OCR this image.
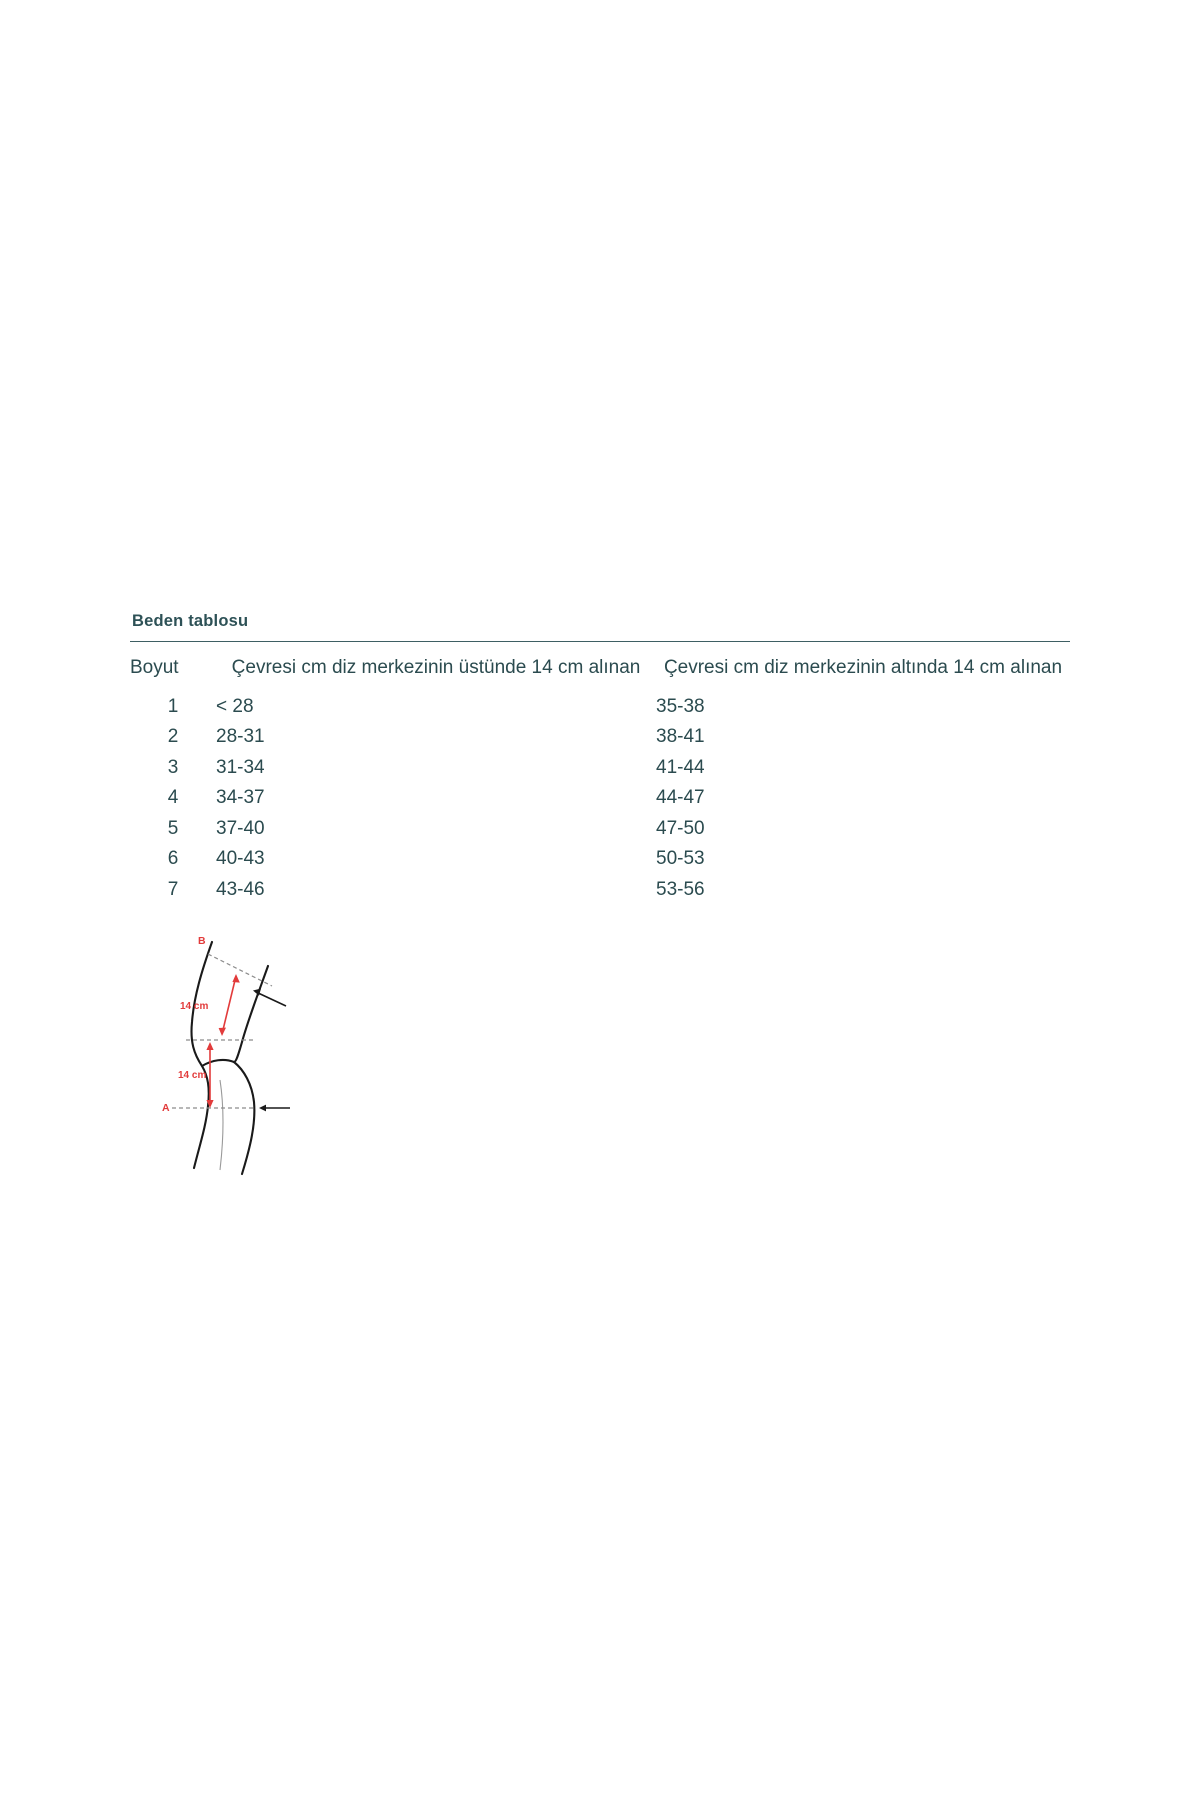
Beden tablosu
Boyut	Çevresi cm diz merkezinin üstünde 14 cm alınan	Çevresi cm diz merkezinin altında 14 cm alınan
1	< 28	35-38
2	28-31	38-41
3	31-34	41-44
4	34-37	44-47
5	37-40	47-50
6	40-43	50-53
7	43-46	53-56
B
A
14 cm
14 cm
